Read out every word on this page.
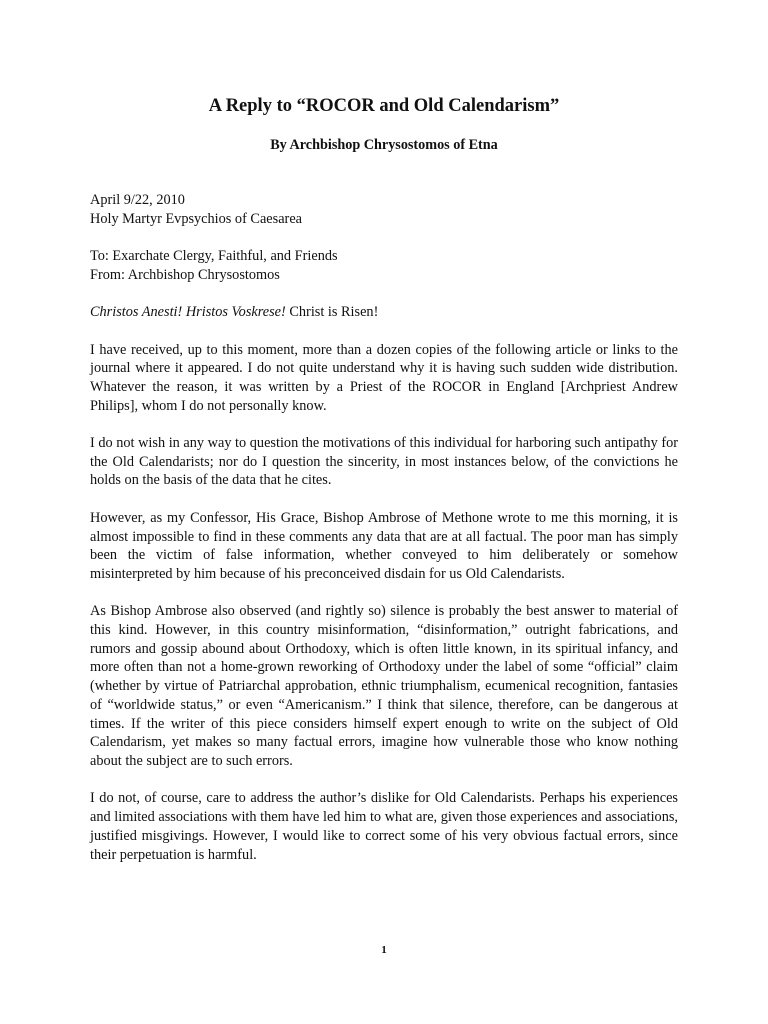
A Reply to “ROCOR and Old Calendarism”
By Archbishop Chrysostomos of Etna
April 9/22, 2010
Holy Martyr Evpsychios of Caesarea
To: Exarchate Clergy, Faithful, and Friends
From: Archbishop Chrysostomos
Christos Anesti! Hristos Voskrese! Christ is Risen!

I have received, up to this moment, more than a dozen copies of the following article or links to the journal where it appeared. I do not quite understand why it is having such sudden wide distribution. Whatever the reason, it was written by a Priest of the ROCOR in England [Archpriest Andrew Philips], whom I do not personally know.

I do not wish in any way to question the motivations of this individual for harboring such antipathy for the Old Calendarists; nor do I question the sincerity, in most instances below, of the convictions he holds on the basis of the data that he cites.

However, as my Confessor, His Grace, Bishop Ambrose of Methone wrote to me this morning, it is almost impossible to find in these comments any data that are at all factual. The poor man has simply been the victim of false information, whether conveyed to him deliberately or somehow misinterpreted by him because of his preconceived disdain for us Old Calendarists.

As Bishop Ambrose also observed (and rightly so) silence is probably the best answer to material of this kind. However, in this country misinformation, “disinformation,” outright fabrications, and rumors and gossip abound about Orthodoxy, which is often little known, in its spiritual infancy, and more often than not a home-grown reworking of Orthodoxy under the label of some “official” claim (whether by virtue of Patriarchal approbation, ethnic triumphalism, ecumenical recognition, fantasies of “worldwide status,” or even “Americanism.” I think that silence, therefore, can be dangerous at times. If the writer of this piece considers himself expert enough to write on the subject of Old Calendarism, yet makes so many factual errors, imagine how vulnerable those who know nothing about the subject are to such errors.

I do not, of course, care to address the author’s dislike for Old Calendarists. Perhaps his experiences and limited associations with them have led him to what are, given those experiences and associations, justified misgivings. However, I would like to correct some of his very obvious factual errors, since their perpetuation is harmful.

1
